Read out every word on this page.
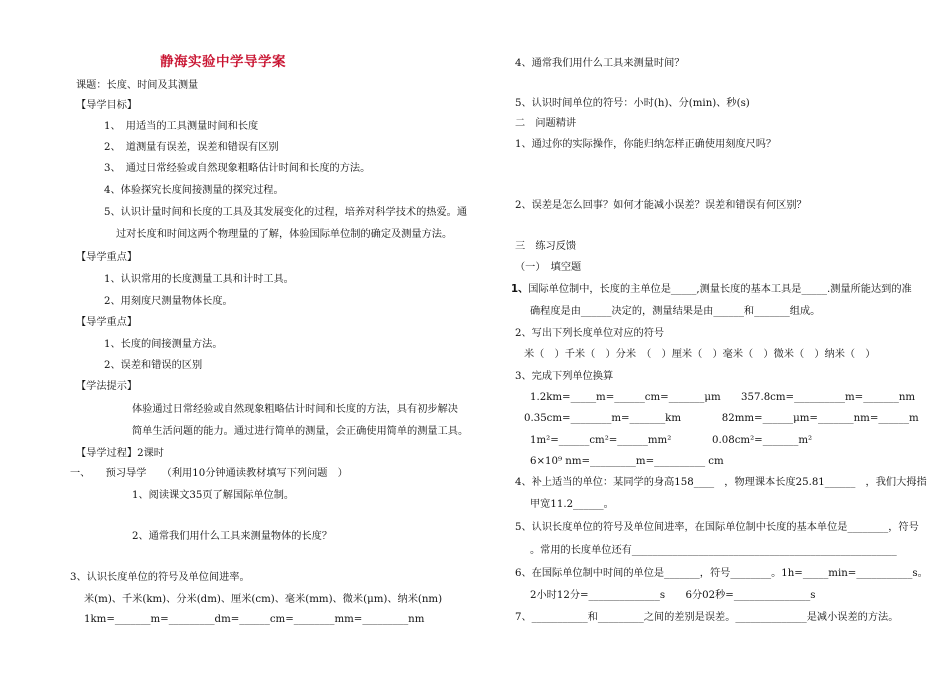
静海实验中学导学案
课题：长度、时间及其测量
【导学目标】
1、　用适当的工具测量时间和长度
2、　道测量有误差，误差和错误有区别
3、　通过日常经验或自然现象粗略估计时间和长度的方法。
4、体验探究长度间接测量的探究过程。
5、认识计量时间和长度的工具及其发展变化的过程，培养对科学技术的热爱。通
过对长度和时间这两个物理量的了解，体验国际单位制的确定及测量方法。
【导学重点】
1、认识常用的长度测量工具和计时工具。
2、用刻度尺测量物体长度。
【导学重点】
1、长度的间接测量方法。
2、误差和错误的区别
【学法提示】
体验通过日常经验或自然现象粗略估计时间和长度的方法，具有初步解决
简单生活问题的能力。通过进行简单的测量，会正确使用简单的测量工具。
【导学过程】2课时
一、　　预习导学　　（利用10分钟通读教材填写下列问题　）
1、阅读课文35页了解国际单位制。
2、通常我们用什么工具来测量物体的长度？
3、认识长度单位的符号及单位间进率。
米(m)、千米(km)、分米(dm)、厘米(cm)、毫米(mm)、微米(μm)、纳米(nm)
1km=_______m=_________dm=______cm=________mm=_________nm
4、通常我们用什么工具来测量时间？
5、认识时间单位的符号：小时(h)、分(min)、秒(s)
二　问题精讲
1、通过你的实际操作，你能归纳怎样正确使用刻度尺吗？
2、误差是怎么回事？如何才能减小误差？误差和错误有何区别？
三　练习反馈
（一）　填空题
1、国际单位制中，长度的主单位是_____,测量长度的基本工具是_____.测量所能达到的准
确程度是由______决定的，测量结果是由______和_______组成。
2、写出下列长度单位对应的符号
米（　）千米（　）分米　（　）厘米（　）毫米（　）微米（　）纳米（　）
3、完成下列单位换算
1.2km=_____m=______cm=_______μm　　357.8cm=__________m=_______nm
0.35cm=________m=_______km　　　　82mm=______μm=_______nm=______m
1m²=______cm²=______mm²　　　　0.08cm²=_______m²
6×10⁹ nm=_________m=__________ cm
4、补上适当的单位：某同学的身高158____　，物理课本长度25.81______　，我们大拇指
甲宽11.2______。
5、认识长度单位的符号及单位间进率，在国际单位制中长度的基本单位是________，符号
。常用的长度单位还有____________________________________________________
6、在国际单位制中时间的单位是_______，符号________。1h=_____min=___________s。
2小时12分=______________s　　6分02秒=_______________s
7、___________和_________之间的差别是误差。______________是减小误差的方法。
